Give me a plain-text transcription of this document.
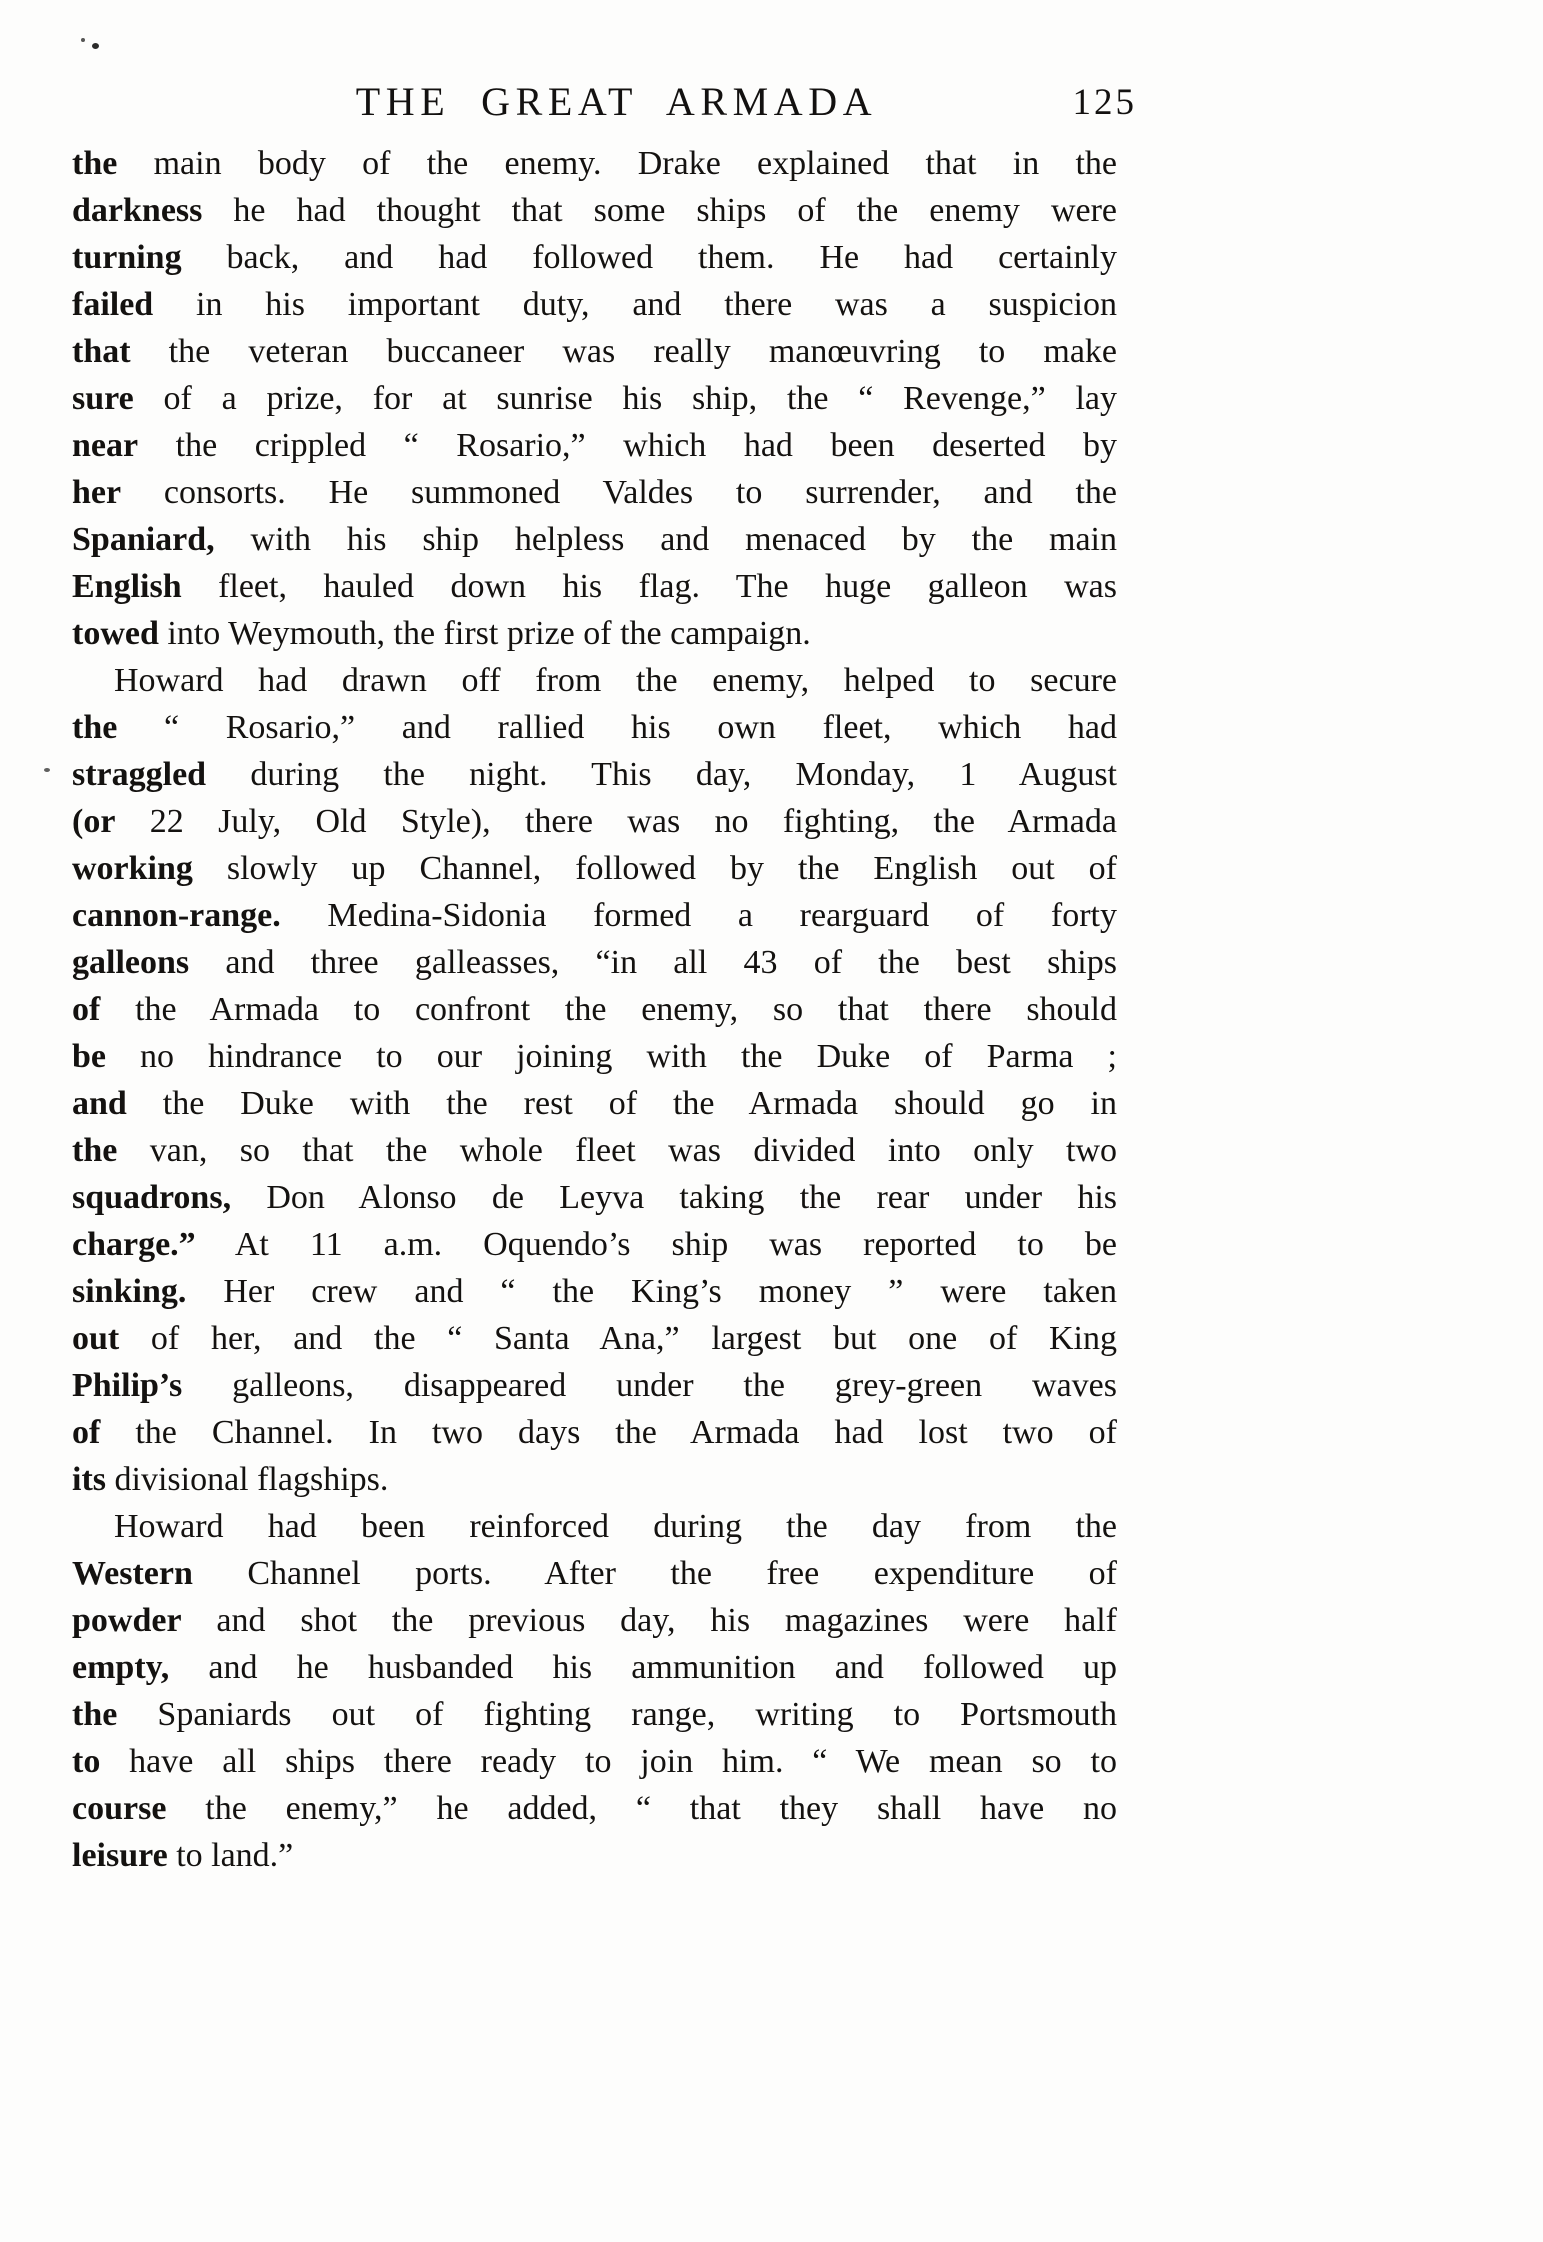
THE GREAT ARMADA	125

the main body of the enemy. Drake explained that in the
darkness he had thought that some ships of the enemy were
turning back, and had followed them. He had certainly
failed in his important duty, and there was a suspicion
that the veteran buccaneer was really manœuvring to make
sure of a prize, for at sunrise his ship, the “ Revenge,” lay
near the crippled “ Rosario,” which had been deserted by
her consorts. He summoned Valdes to surrender, and the
Spaniard, with his ship helpless and menaced by the main
English fleet, hauled down his flag. The huge galleon was
towed into Weymouth, the first prize of the campaign.

Howard had drawn off from the enemy, helped to secure
the “ Rosario,” and rallied his own fleet, which had
straggled during the night. This day, Monday, 1 August
(or 22 July, Old Style), there was no fighting, the Armada
working slowly up Channel, followed by the English out of
cannon-range. Medina-Sidonia formed a rearguard of forty
galleons and three galleasses, “in all 43 of the best ships
of the Armada to confront the enemy, so that there should
be no hindrance to our joining with the Duke of Parma ;
and the Duke with the rest of the Armada should go in
the van, so that the whole fleet was divided into only two
squadrons, Don Alonso de Leyva taking the rear under his
charge.” At 11 a.m. Oquendo’s ship was reported to be
sinking. Her crew and “ the King’s money ” were taken
out of her, and the “ Santa Ana,” largest but one of King
Philip’s galleons, disappeared under the grey-green waves
of the Channel. In two days the Armada had lost two of
its divisional flagships.

Howard had been reinforced during the day from the
Western Channel ports. After the free expenditure of
powder and shot the previous day, his magazines were half
empty, and he husbanded his ammunition and followed up
the Spaniards out of fighting range, writing to Portsmouth
to have all ships there ready to join him. “ We mean so to
course the enemy,” he added, “ that they shall have no
leisure to land.”
